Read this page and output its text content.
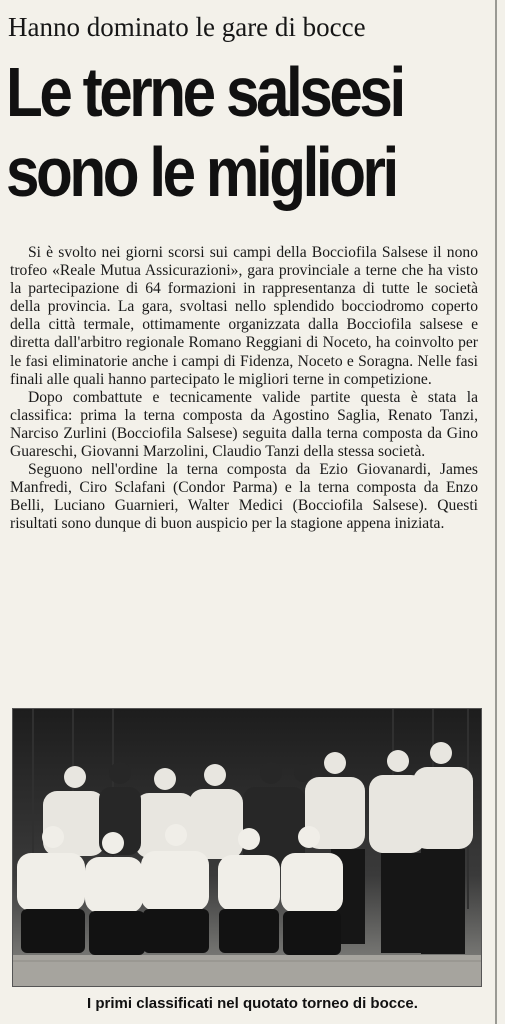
Hanno dominato le gare di bocce
Le terne salsesi
sono le migliori

Si è svolto nei giorni scorsi sui campi della Bocciofila Salsese il nono trofeo «Reale Mutua Assicurazioni», gara provinciale a terne che ha visto la partecipazione di 64 formazioni in rappresentanza di tutte le società della provincia. La gara, svoltasi nello splendido bocciodromo coperto della città termale, ottimamente organizzata dalla Bocciofila salsese e diretta dall'arbitro regionale Romano Reggiani di Noceto, ha coinvolto per le fasi eliminatorie anche i campi di Fidenza, Noceto e Soragna. Nelle fasi finali alle quali hanno partecipato le migliori terne in competizione.

Dopo combattute e tecnicamente valide partite questa è stata la classifica: prima la terna composta da Agostino Saglia, Renato Tanzi, Narciso Zurlini (Bocciofila Salsese) seguita dalla terna composta da Gino Guareschi, Giovanni Marzolini, Claudio Tanzi della stessa società.

Seguono nell'ordine la terna composta da Ezio Giovanardi, James Manfredi, Ciro Sclafani (Condor Parma) e la terna composta da Enzo Belli, Luciano Guarnieri, Walter Medici (Bocciofila Salsese). Questi risultati sono dunque di buon auspicio per la stagione appena iniziata.

I primi classificati nel quotato torneo di bocce.
